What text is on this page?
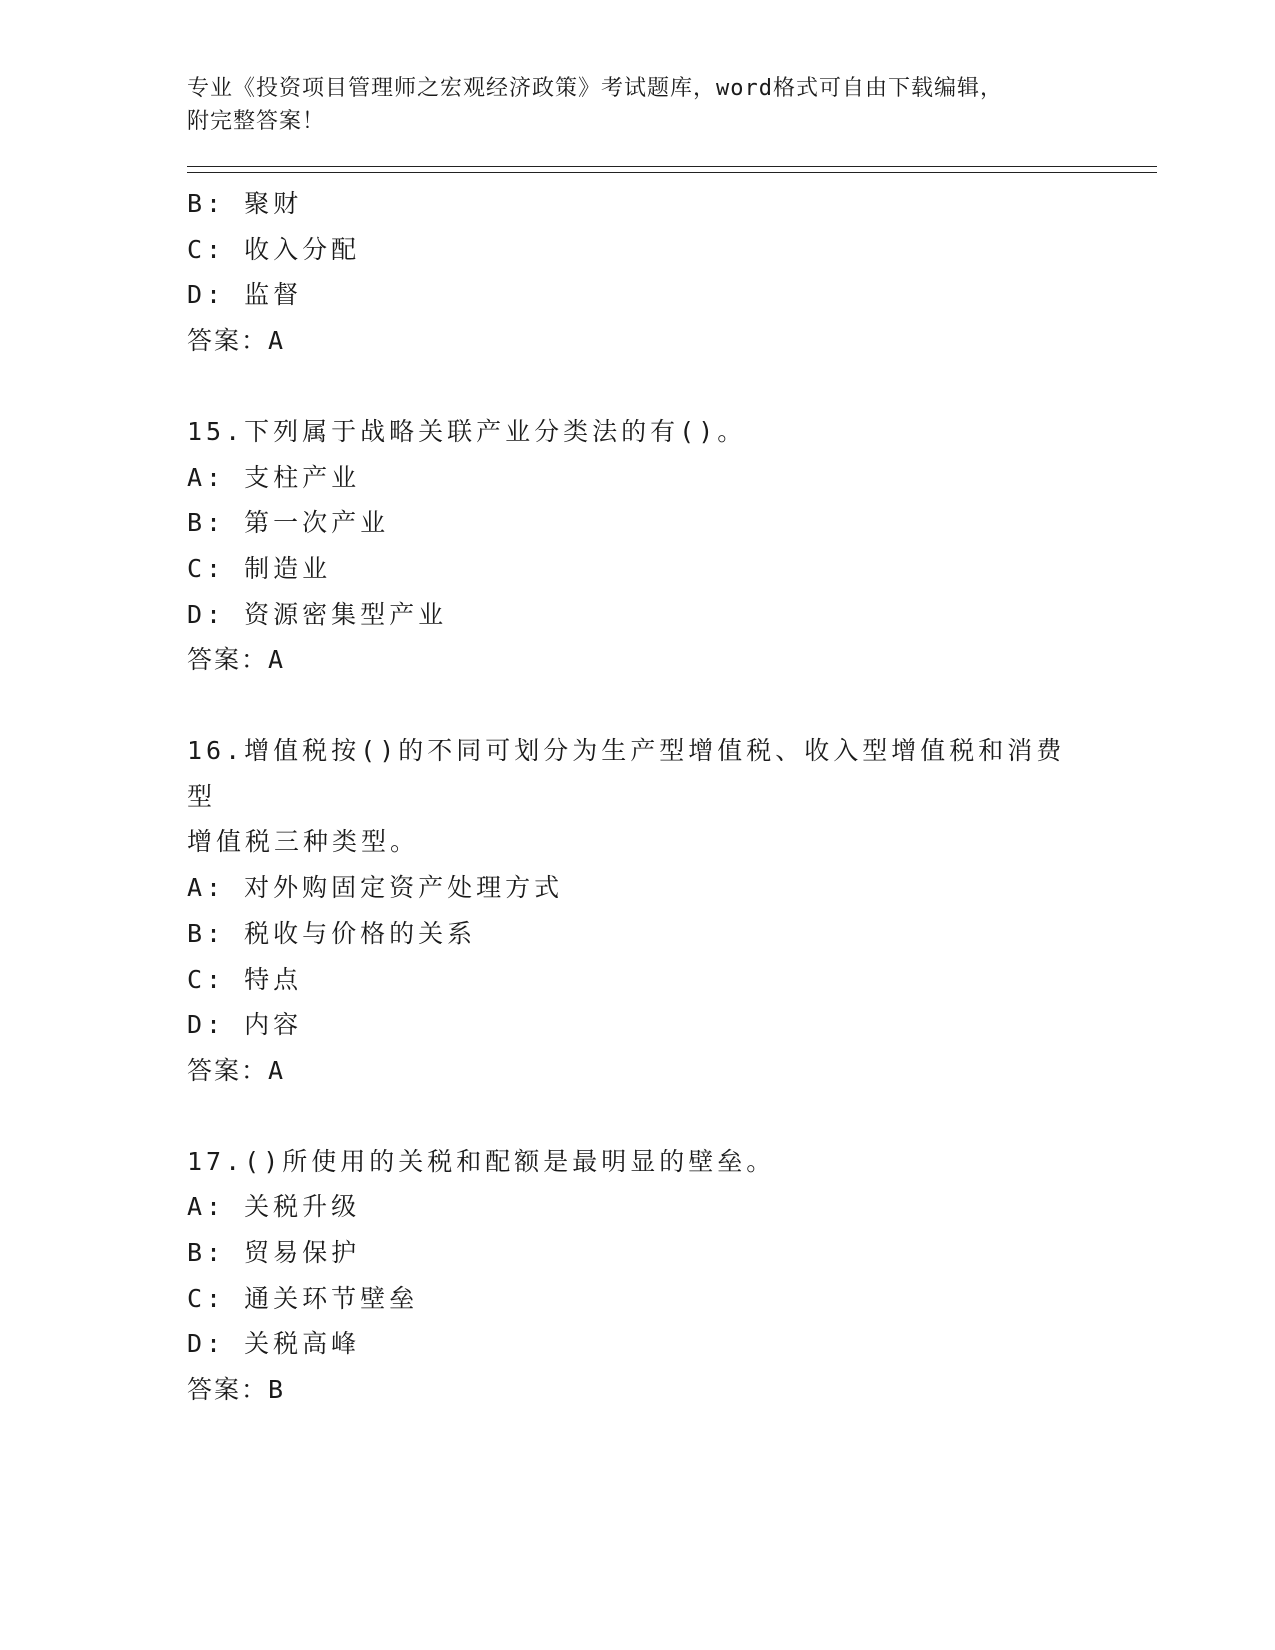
专业《投资项目管理师之宏观经济政策》考试题库，word格式可自由下载编辑，
附完整答案！

B: 聚财
C: 收入分配
D: 监督
答案：A
15.下列属于战略关联产业分类法的有()。
A: 支柱产业
B: 第一次产业
C: 制造业
D: 资源密集型产业
答案：A
16.增值税按()的不同可划分为生产型增值税、收入型增值税和消费型
增值税三种类型。
A: 对外购固定资产处理方式
B: 税收与价格的关系
C: 特点
D: 内容
答案：A
17.()所使用的关税和配额是最明显的壁垒。
A: 关税升级
B: 贸易保护
C: 通关环节壁垒
D: 关税高峰
答案：B
